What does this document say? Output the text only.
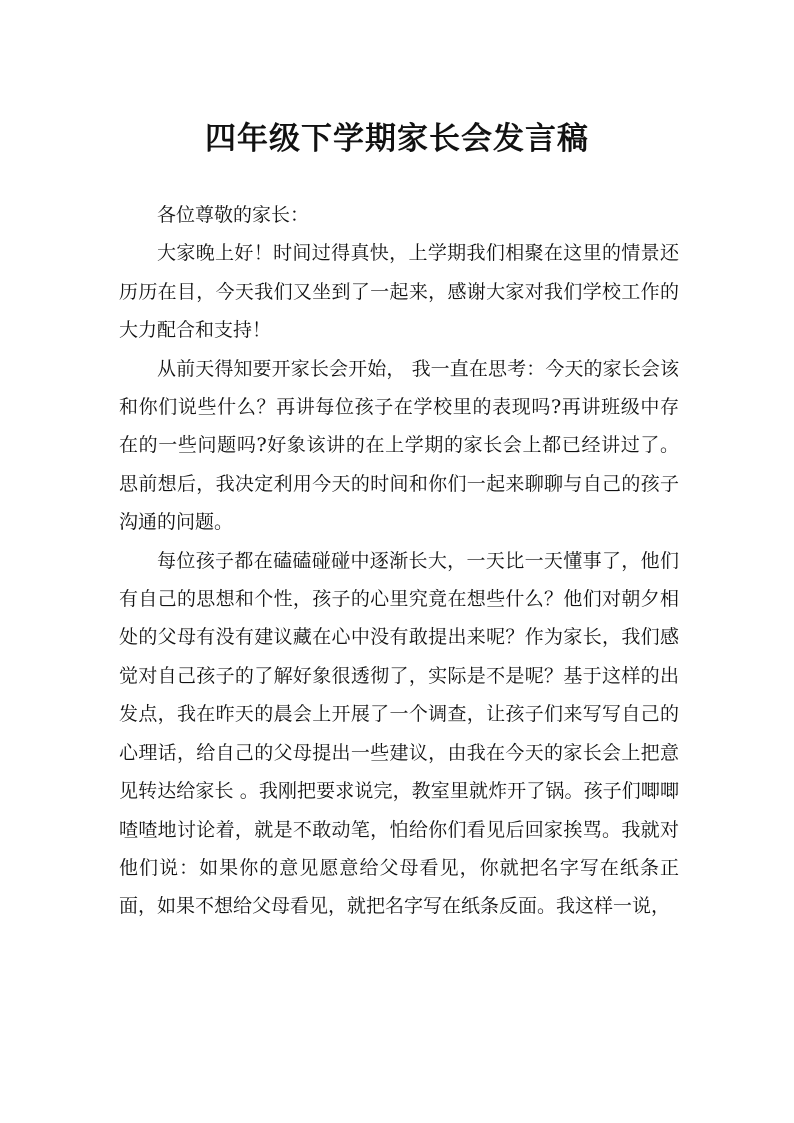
四年级下学期家长会发言稿

各位尊敬的家长：

大家晚上好！时间过得真快，上学期我们相聚在这里的情景还历历在目，今天我们又坐到了一起来，感谢大家对我们学校工作的大力配合和支持！

从前天得知要开家长会开始， 我一直在思考：今天的家长会该和你们说些什么？再讲每位孩子在学校里的表现吗?再讲班级中存在的一些问题吗?好象该讲的在上学期的家长会上都已经讲过了。思前想后，我决定利用今天的时间和你们一起来聊聊与自己的孩子沟通的问题。

每位孩子都在磕磕碰碰中逐渐长大，一天比一天懂事了，他们有自己的思想和个性，孩子的心里究竟在想些什么？他们对朝夕相处的父母有没有建议藏在心中没有敢提出来呢？作为家长，我们感觉对自己孩子的了解好象很透彻了，实际是不是呢？基于这样的出发点，我在昨天的晨会上开展了一个调查，让孩子们来写写自己的心理话，给自己的父母提出一些建议，由我在今天的家长会上把意见转达给家长 。我刚把要求说完，教室里就炸开了锅。孩子们唧唧喳喳地讨论着，就是不敢动笔，怕给你们看见后回家挨骂。我就对他们说：如果你的意见愿意给父母看见，你就把名字写在纸条正面，如果不想给父母看见，就把名字写在纸条反面。我这样一说，
